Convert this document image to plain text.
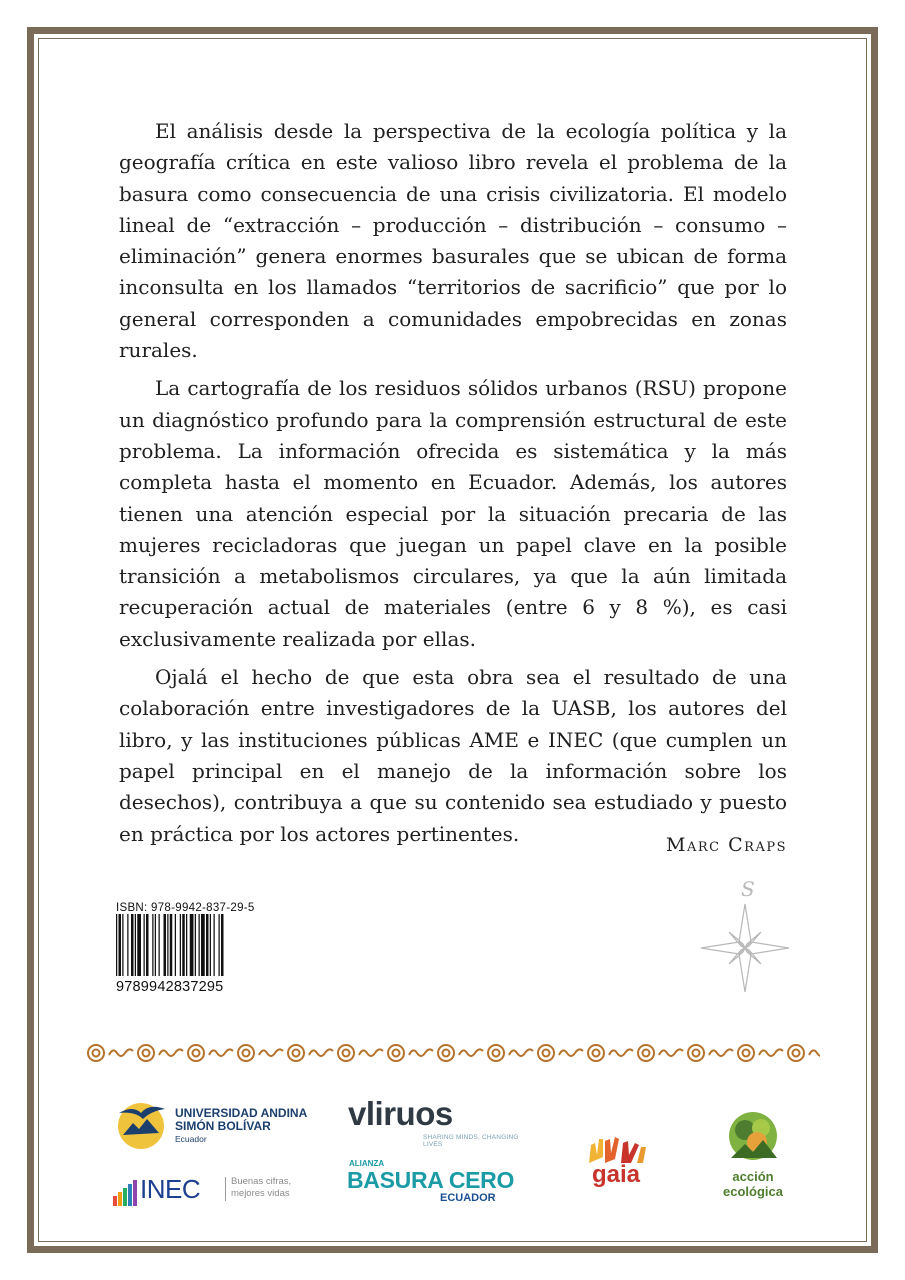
El análisis desde la perspectiva de la ecología política y la geografía crítica en este valioso libro revela el problema de la basura como consecuencia de una crisis civilizatoria. El modelo lineal de “extracción – producción – distribución – consumo – eliminación” genera enormes basurales que se ubican de forma inconsulta en los llamados “territorios de sacrificio” que por lo general corresponden a comunidades empobrecidas en zonas rurales.

La cartografía de los residuos sólidos urbanos (RSU) propone un diagnóstico profundo para la comprensión estructural de este problema. La información ofrecida es sistemática y la más completa hasta el momento en Ecuador. Además, los autores tienen una atención especial por la situación precaria de las mujeres recicladoras que juegan un papel clave en la posible transición a metabolismos circulares, ya que la aún limitada recuperación actual de materiales (entre 6 y 8 %), es casi exclusivamente realizada por ellas.

Ojalá el hecho de que esta obra sea el resultado de una colaboración entre investigadores de la UASB, los autores del libro, y las instituciones públicas AME e INEC (que cumplen un papel principal en el manejo de la información sobre los desechos), contribuya a que su contenido sea estudiado y puesto en práctica por los actores pertinentes.	Marc Craps
ISBN: 978-9942-837-29-5
9789942837295
S
UNIVERSIDAD ANDINA SIMÓN BOLÍVAR
Ecuador
INEC	Buenas cifras,
mejores vidas
vliruos
SHARING MINDS, CHANGING LIVES
ALIANZA
BASURA CERO
ECUADOR
gaia	acción
ecológica
